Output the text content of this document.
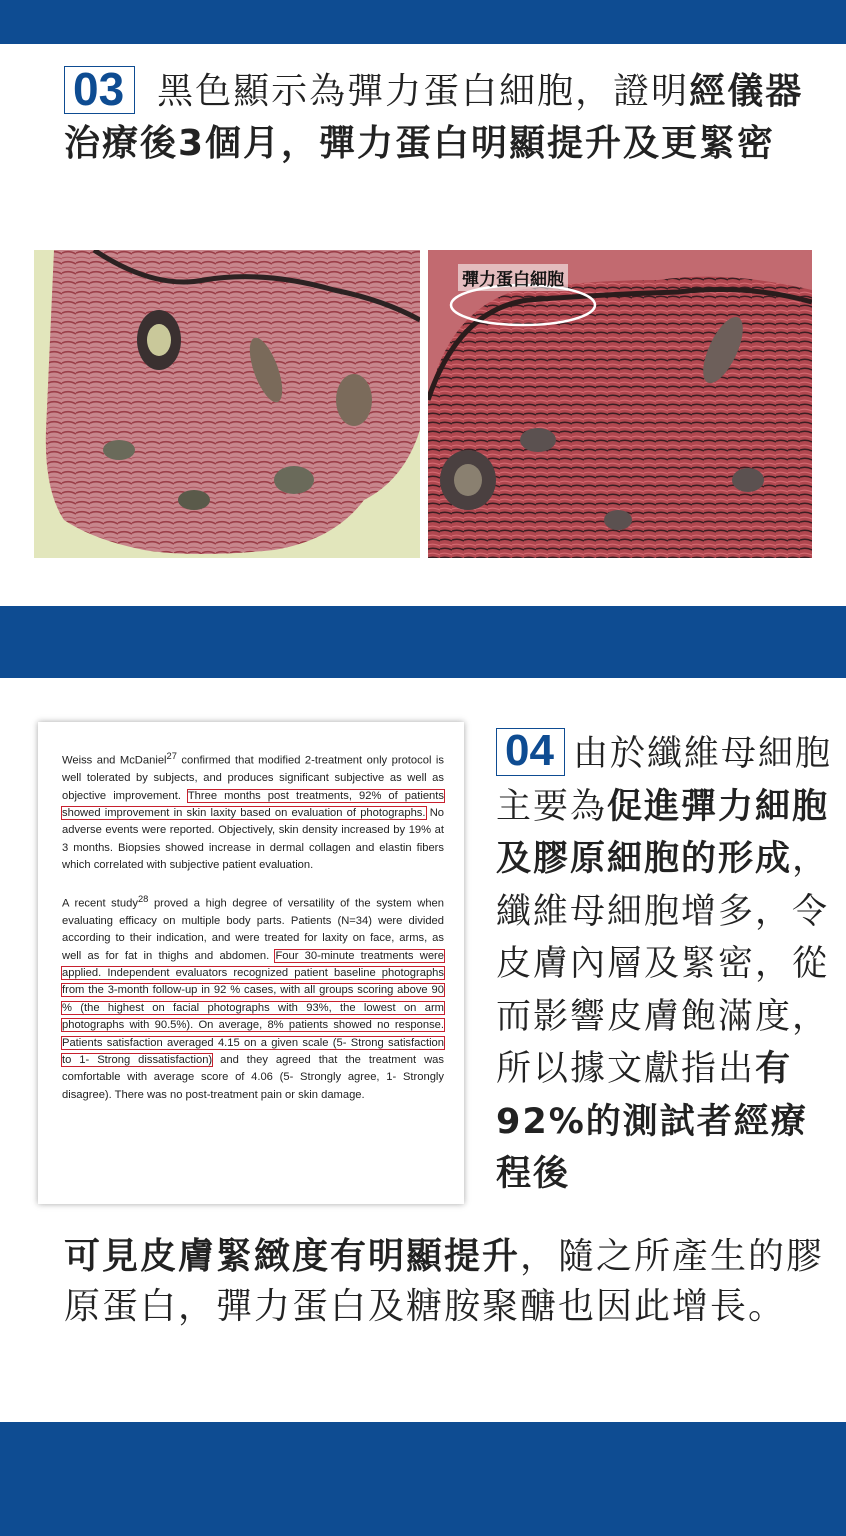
03 黑色顯示為彈力蛋白細胞，證明經儀器治療後3個月，彈力蛋白明顯提升及更緊密
彈力蛋白細胞

Weiss and McDaniel$^{27}$ confirmed that modified 2-treatment only protocol is well tolerated by subjects, and produces significant subjective as well as objective improvement. Three months post treatments, 92% of patients showed improvement in skin laxity based on evaluation of photographs. No adverse events were reported. Objectively, skin density increased by 19% at 3 months. Biopsies showed increase in dermal collagen and elastin fibers which correlated with subjective patient evaluation.

A recent study$^{28}$ proved a high degree of versatility of the system when evaluating efficacy on multiple body parts. Patients (N=34) were divided according to their indication, and were treated for laxity on face, arms, as well as for fat in thighs and abdomen. Four 30-minute treatments were applied. Independent evaluators recognized patient baseline photographs from the 3-month follow-up in 92 % cases, with all groups scoring above 90 % (the highest on facial photographs with 93%, the lowest on arm photographs with 90.5%). On average, 8% patients showed no response. Patients satisfaction averaged 4.15 on a given scale (5- Strong satisfaction to 1- Strong dissatisfaction) and they agreed that the treatment was comfortable with average score of 4.06 (5- Strongly agree, 1- Strongly disagree). There was no post-treatment pain or skin damage.

04 由於纖維母細胞主要為促進彈力細胞及膠原細胞的形成，纖維母細胞增多，令皮膚內層及緊密，從而影響皮膚飽滿度，所以據文獻指出有92%的測試者經療程後
可見皮膚緊緻度有明顯提升，隨之所產生的膠原蛋白，彈力蛋白及糖胺聚醣也因此增長。
